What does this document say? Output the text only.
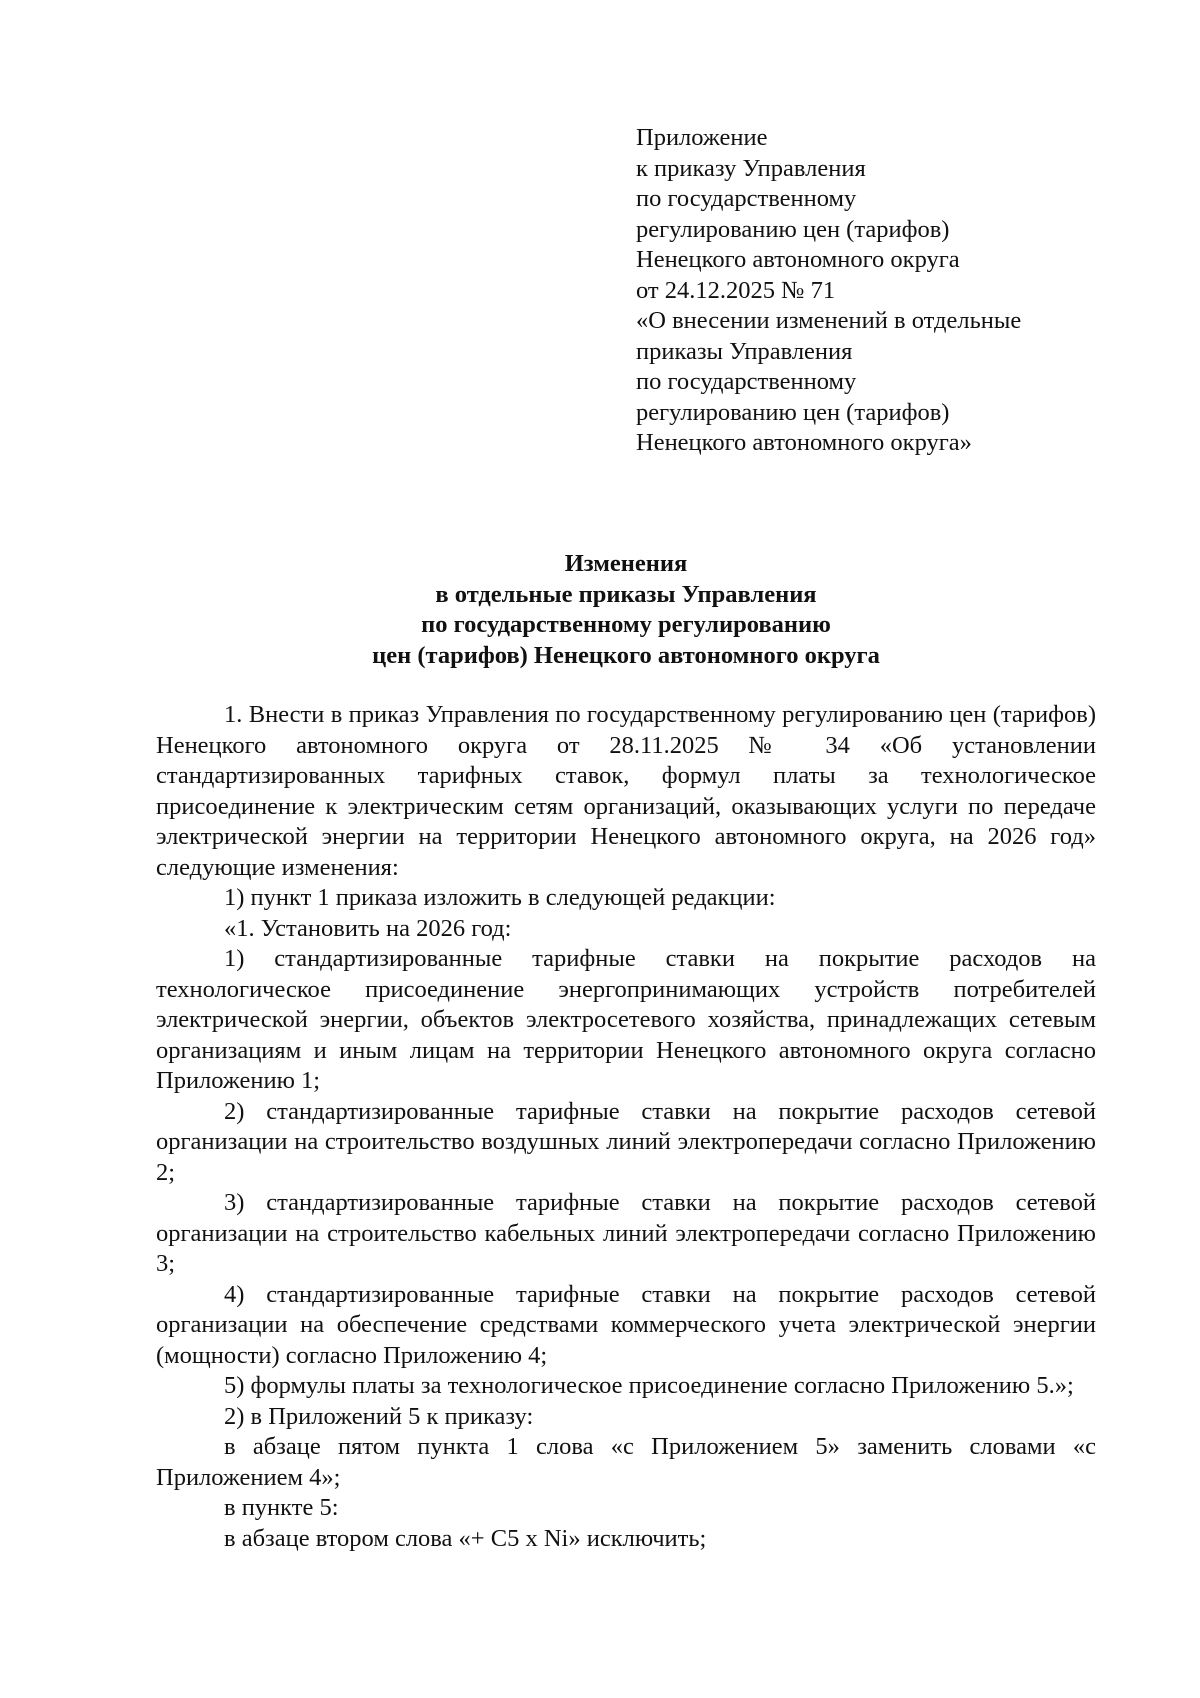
Приложение
к приказу Управления
по государственному
регулированию цен (тарифов)
Ненецкого автономного округа
от 24.12.2025 № 71
«О внесении изменений в отдельные
приказы Управления
по государственному
регулированию цен (тарифов)
Ненецкого автономного округа»
Изменения
в отдельные приказы Управления
по государственному регулированию
цен (тарифов) Ненецкого автономного округа

1. Внести в приказ Управления по государственному регулированию цен (тарифов) Ненецкого автономного округа от 28.11.2025 № 34 «Об установлении стандартизированных тарифных ставок, формул платы за технологическое присоединение к электрическим сетям организаций, оказывающих услуги по передаче электрической энергии на территории Ненецкого автономного округа, на 2026 год» следующие изменения:

1) пункт 1 приказа изложить в следующей редакции:

«1. Установить на 2026 год:

1) стандартизированные тарифные ставки на покрытие расходов на технологическое присоединение энергопринимающих устройств потребителей электрической энергии, объектов электросетевого хозяйства, принадлежащих сетевым организациям и иным лицам на территории Ненецкого автономного округа согласно Приложению 1;

2) стандартизированные тарифные ставки на покрытие расходов сетевой организации на строительство воздушных линий электропередачи согласно Приложению 2;

3) стандартизированные тарифные ставки на покрытие расходов сетевой организации на строительство кабельных линий электропередачи согласно Приложению 3;

4) стандартизированные тарифные ставки на покрытие расходов сетевой организации на обеспечение средствами коммерческого учета электрической энергии (мощности) согласно Приложению 4;

5) формулы платы за технологическое присоединение согласно Приложению 5.»;

2) в Приложений 5 к приказу:

в абзаце пятом пункта 1 слова «с Приложением 5» заменить словами «с Приложением 4»;

в пункте 5:

в абзаце втором слова «+ С5 x Ni» исключить;
